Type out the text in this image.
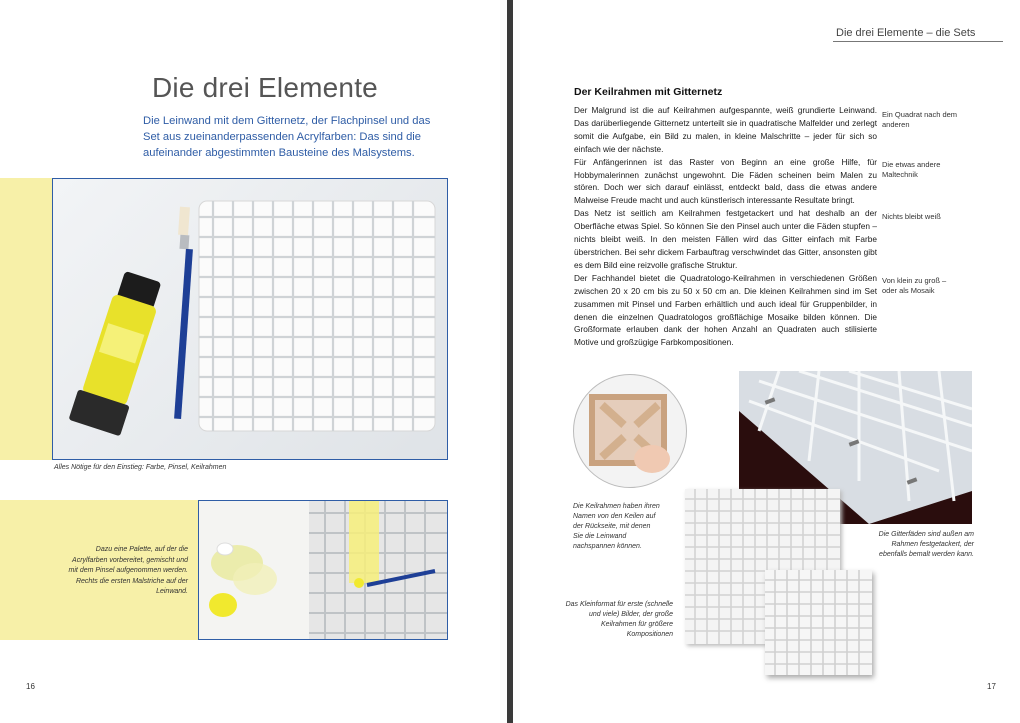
Die drei Elemente
Die Leinwand mit dem Gitternetz, der Flachpinsel und das Set aus zueinanderpassenden Acrylfarben: Das sind die aufeinander abgestimmten Bausteine des Malsystems.
Alles Nötige für den Einstieg: Farbe, Pinsel, Keilrahmen
Dazu eine Palette, auf der die Acrylfarben vorbereitet, gemischt und mit dem Pinsel aufgenommen werden. Rechts die ersten Malstriche auf der Leinwand.
16
Die drei Elemente – die Sets
Der Keilrahmen mit Gitternetz
Der Malgrund ist die auf Keilrahmen aufgespannte, weiß grundierte Leinwand. Das darüberliegende Gitternetz unterteilt sie in quadratische Malfelder und zerlegt somit die Aufgabe, ein Bild zu malen, in kleine Malschritte – jeder für sich so einfach wie der nächste.
Für Anfängerinnen ist das Raster von Beginn an eine große Hilfe, für Hobbymalerinnen zunächst ungewohnt. Die Fäden scheinen beim Malen zu stören. Doch wer sich darauf einlässt, entdeckt bald, dass die etwas andere Malweise Freude macht und auch künstlerisch interessante Resultate bringt.
Das Netz ist seitlich am Keilrahmen festgetackert und hat deshalb an der Oberfläche etwas Spiel. So können Sie den Pinsel auch unter die Fäden stupfen – nichts bleibt weiß. In den meisten Fällen wird das Gitter einfach mit Farbe überstrichen. Bei sehr dickem Farbauftrag verschwindet das Gitter, ansonsten gibt es dem Bild eine reizvolle grafische Struktur.
Der Fachhandel bietet die Quadratologo-Keilrahmen in verschiedenen Größen zwischen 20 x 20 cm bis zu 50 x 50 cm an. Die kleinen Keilrahmen sind im Set zusammen mit Pinsel und Farben erhältlich und auch ideal für Gruppenbilder, in denen die einzelnen Quadratologos großflächige Mosaike bilden können. Die Großformate erlauben dank der hohen Anzahl an Quadraten auch stilisierte Motive und großzügige Farbkompositionen.
Ein Quadrat nach dem anderen
Die etwas andere Maltechnik
Nichts bleibt weiß
Von klein zu groß – oder als Mosaik
Die Keilrahmen haben ihren Namen von den Keilen auf der Rückseite, mit denen Sie die Leinwand nachspannen können.
Die Gitterfäden sind außen am Rahmen festgetackert, der ebenfalls bemalt werden kann.
Das Kleinformat für erste (schnelle und viele) Bilder, der große Keilrahmen für größere Kompositionen
17
